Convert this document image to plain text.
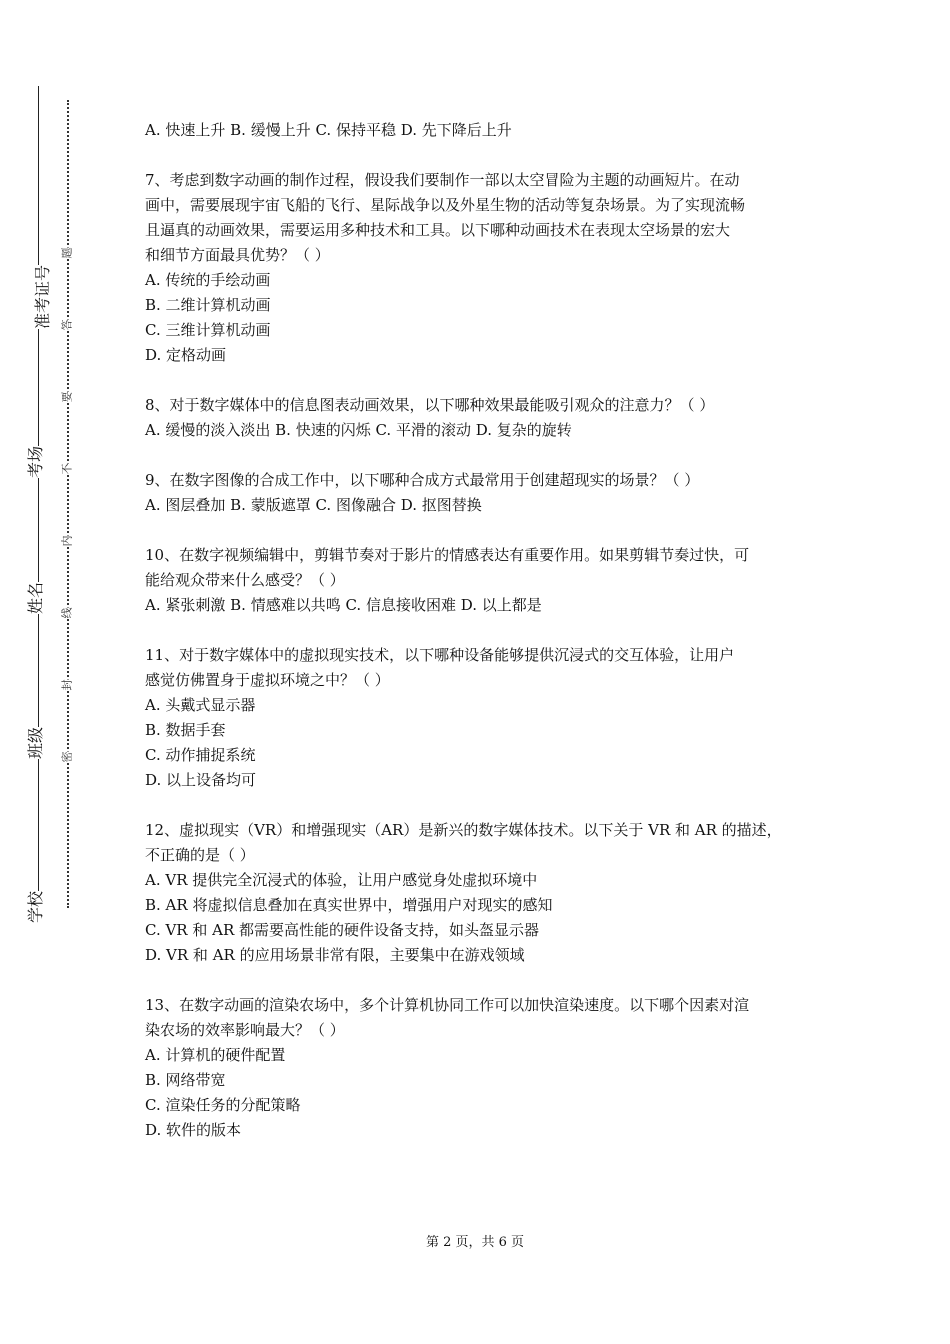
准考证号
考场
姓名
班级
学校
题
答
要
不
内
线
封
密

A. 快速上升 B. 缓慢上升 C. 保持平稳 D. 先下降后上升

7、考虑到数字动画的制作过程，假设我们要制作一部以太空冒险为主题的动画短片。在动

画中，需要展现宇宙飞船的飞行、星际战争以及外星生物的活动等复杂场景。为了实现流畅

且逼真的动画效果，需要运用多种技术和工具。以下哪种动画技术在表现太空场景的宏大

和细节方面最具优势？（ ）

A. 传统的手绘动画

B. 二维计算机动画

C. 三维计算机动画

D. 定格动画

8、对于数字媒体中的信息图表动画效果，以下哪种效果最能吸引观众的注意力？（ ）

A. 缓慢的淡入淡出 B. 快速的闪烁 C. 平滑的滚动 D. 复杂的旋转

9、在数字图像的合成工作中，以下哪种合成方式最常用于创建超现实的场景？（ ）

A. 图层叠加 B. 蒙版遮罩 C. 图像融合 D. 抠图替换

10、在数字视频编辑中，剪辑节奏对于影片的情感表达有重要作用。如果剪辑节奏过快，可

能给观众带来什么感受？（ ）

A. 紧张刺激 B. 情感难以共鸣 C. 信息接收困难 D. 以上都是

11、对于数字媒体中的虚拟现实技术，以下哪种设备能够提供沉浸式的交互体验，让用户

感觉仿佛置身于虚拟环境之中？（ ）

A. 头戴式显示器

B. 数据手套

C. 动作捕捉系统

D. 以上设备均可

12、虚拟现实（VR）和增强现实（AR）是新兴的数字媒体技术。以下关于 VR 和 AR 的描述，

不正确的是（ ）

A. VR 提供完全沉浸式的体验，让用户感觉身处虚拟环境中

B. AR 将虚拟信息叠加在真实世界中，增强用户对现实的感知

C. VR 和 AR 都需要高性能的硬件设备支持，如头盔显示器

D. VR 和 AR 的应用场景非常有限，主要集中在游戏领域

13、在数字动画的渲染农场中，多个计算机协同工作可以加快渲染速度。以下哪个因素对渲

染农场的效率影响最大？（ ）

A. 计算机的硬件配置

B. 网络带宽

C. 渲染任务的分配策略

D. 软件的版本

第 2 页，共 6 页
